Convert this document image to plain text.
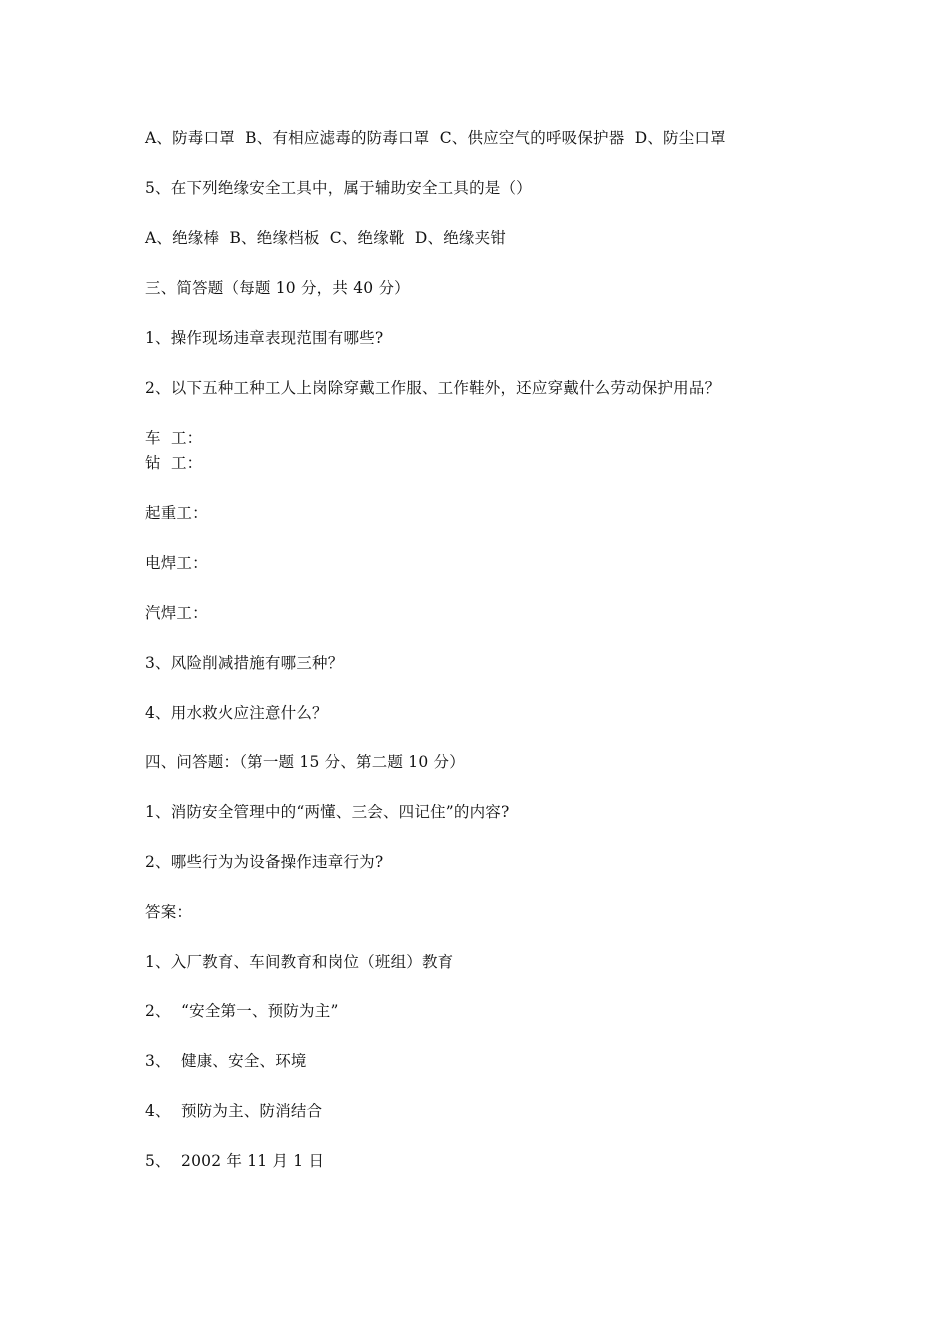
A、防毒口罩  B、有相应滤毒的防毒口罩  C、供应空气的呼吸保护器  D、防尘口罩
5、在下列绝缘安全工具中，属于辅助安全工具的是（）
A、绝缘棒  B、绝缘档板  C、绝缘靴  D、绝缘夹钳
三、简答题（每题 10 分，共 40 分）
1、操作现场违章表现范围有哪些?
2、以下五种工种工人上岗除穿戴工作服、工作鞋外，还应穿戴什么劳动保护用品？
车  工：
钻  工：
起重工：
电焊工：
汽焊工：
3、风险削减措施有哪三种？
4、用水救火应注意什么？
四、问答题：（第一题 15 分、第二题 10 分）
1、消防安全管理中的“两懂、三会、四记住”的内容?
2、哪些行为为设备操作违章行为?
答案：
1、入厂教育、车间教育和岗位（班组）教育
2、  “安全第一、预防为主”
3、  健康、安全、环境
4、  预防为主、防消结合
5、  2002 年 11 月 1 日
